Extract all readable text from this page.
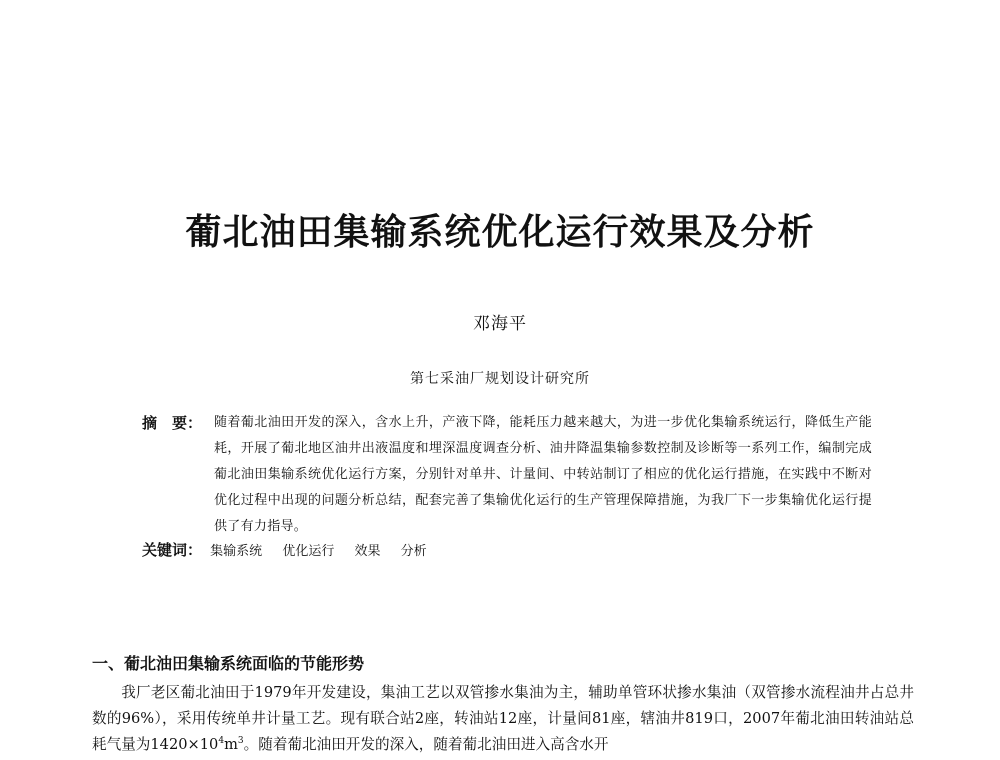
葡北油田集输系统优化运行效果及分析
邓海平
第七采油厂规划设计研究所
摘　要： 随着葡北油田开发的深入，含水上升，产液下降，能耗压力越来越大，为进一步优化集输系统运行，降低生产能耗，开展了葡北地区油井出液温度和埋深温度调查分析、油井降温集输参数控制及诊断等一系列工作，编制完成葡北油田集输系统优化运行方案，分别针对单井、计量间、中转站制订了相应的优化运行措施，在实践中不断对优化过程中出现的问题分析总结，配套完善了集输优化运行的生产管理保障措施，为我厂下一步集输优化运行提供了有力指导。
关键词： 集输系统 优化运行 效果 分析
一、葡北油田集输系统面临的节能形势
我厂老区葡北油田于1979年开发建设，集油工艺以双管掺水集油为主，辅助单管环状掺水集油（双管掺水流程油井占总井数的96%），采用传统单井计量工艺。现有联合站2座，转油站12座，计量间81座，辖油井819口，2007年葡北油田转油站总耗气量为$1420\times 10^4m^3$。随着葡北油田开发的深入，随着葡北油田进入高含水开
